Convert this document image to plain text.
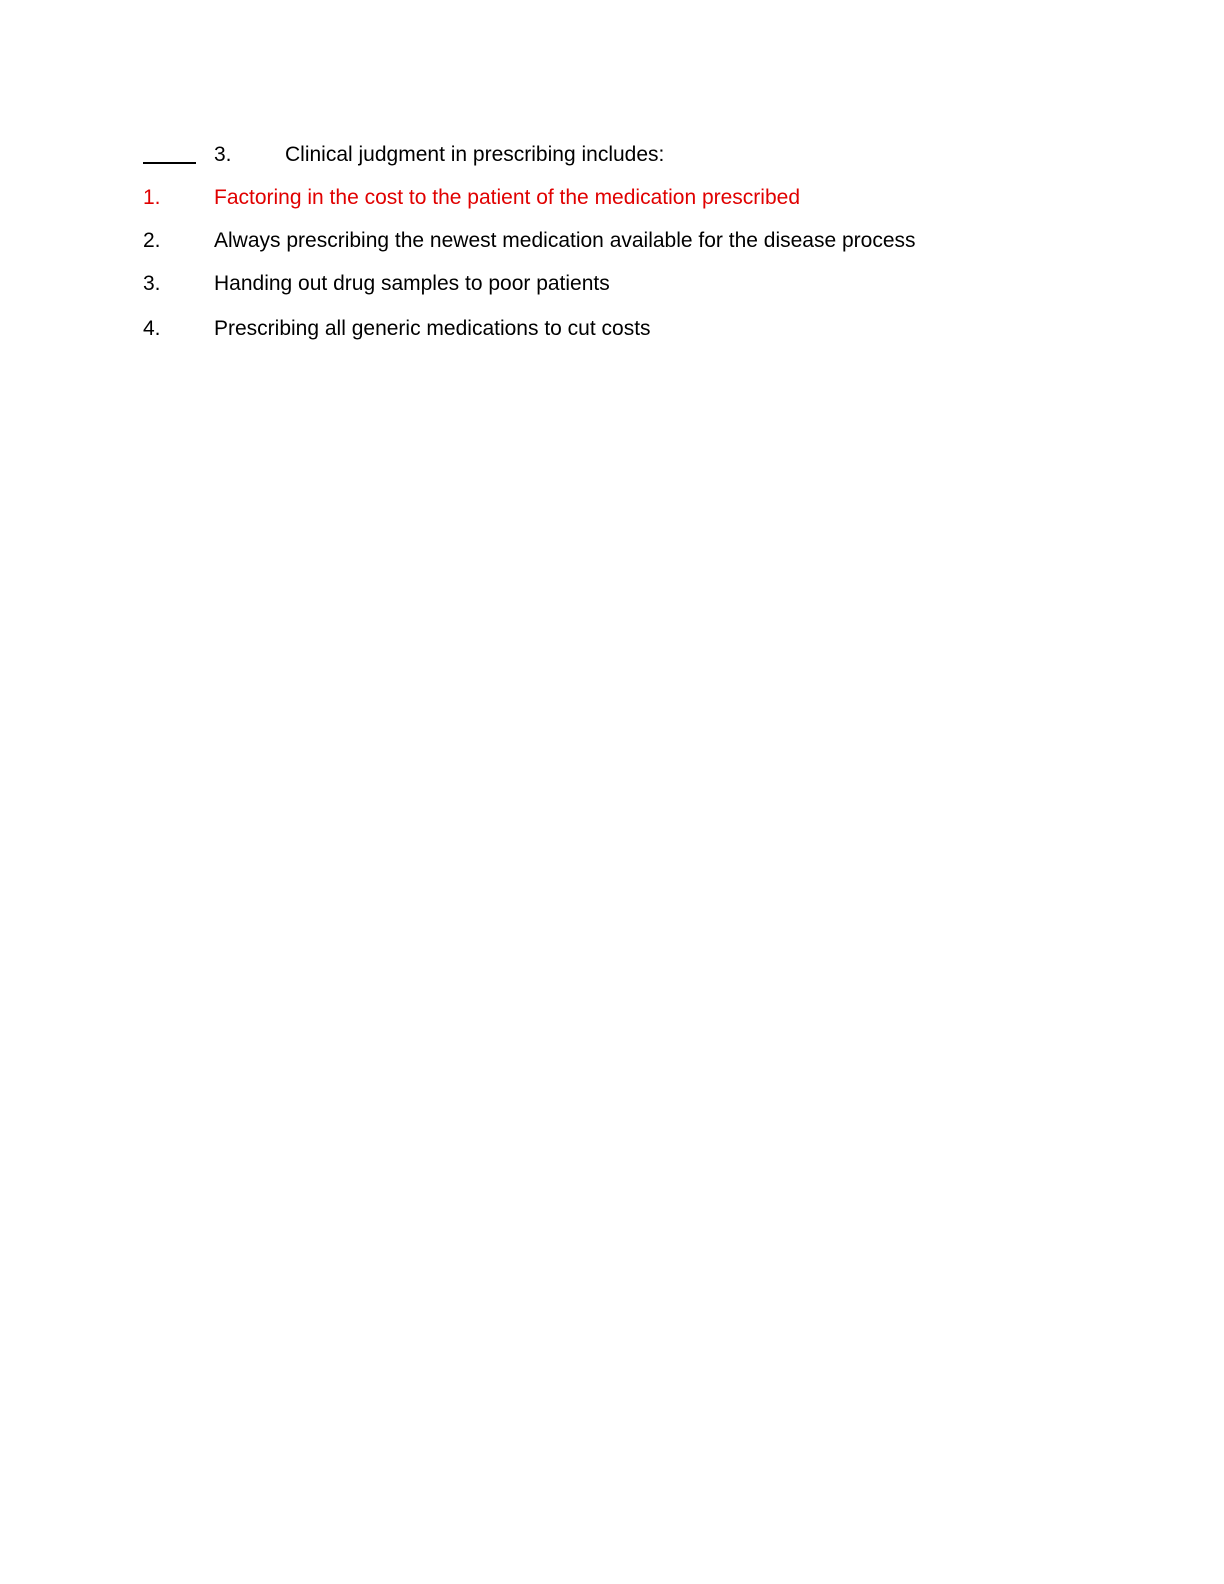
3.	Clinical judgment in prescribing includes:
1.	Factoring in the cost to the patient of the medication prescribed
2.	Always prescribing the newest medication available for the disease process
3.	Handing out drug samples to poor patients
4.	Prescribing all generic medications to cut costs
